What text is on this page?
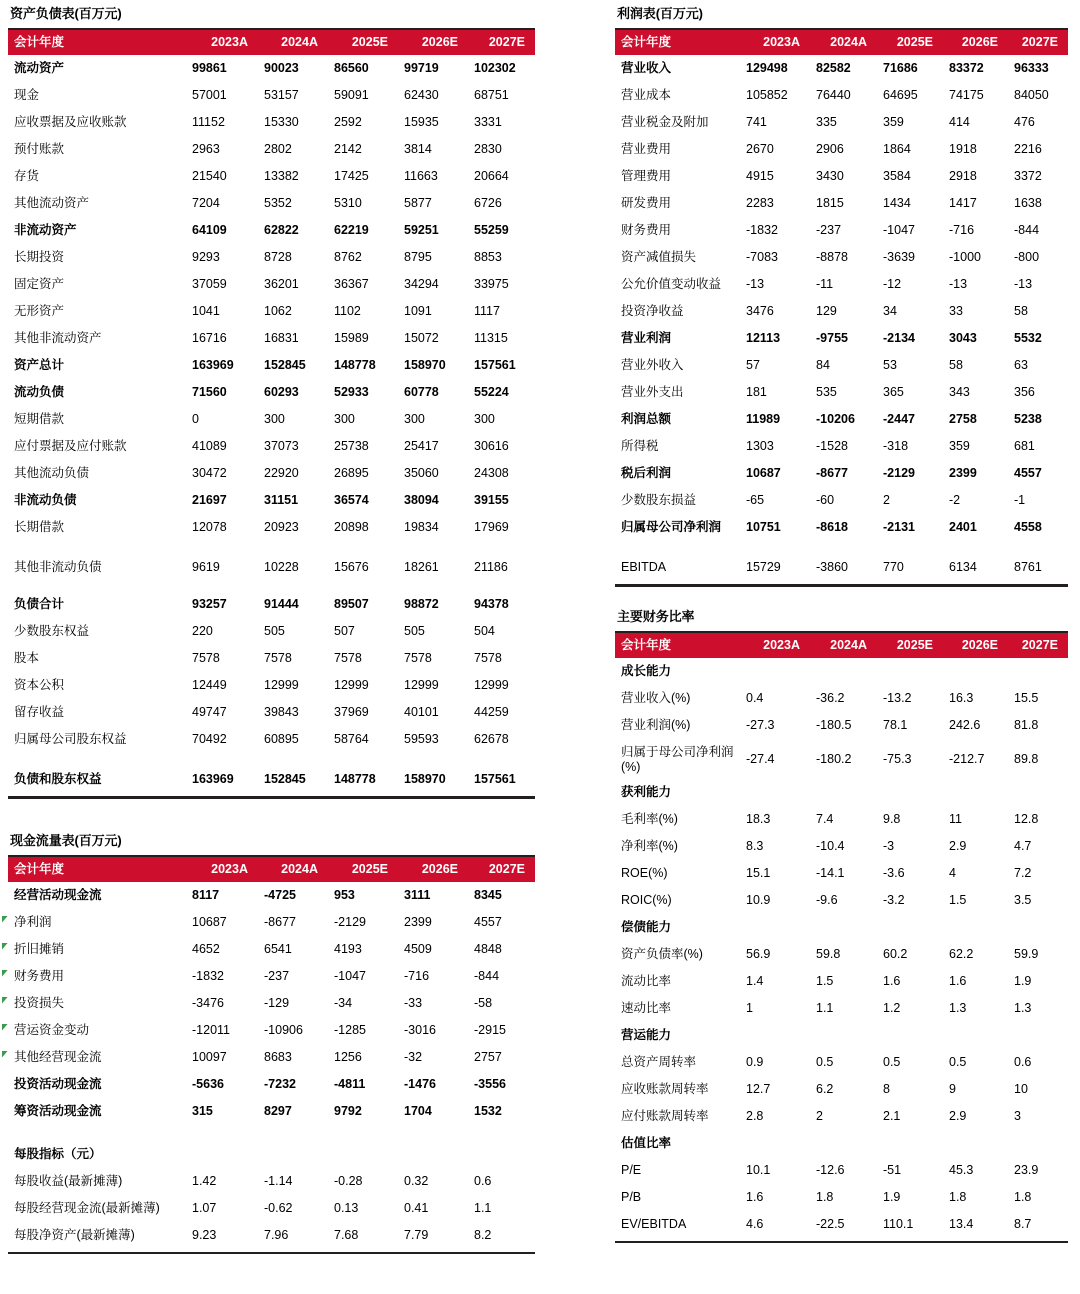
资产负债表(百万元)
会计年度	2023A	2024A	2025E	2026E	2027E
流动资产	99861	90023	86560	99719	102302
现金	57001	53157	59091	62430	68751
应收票据及应收账款	11152	15330	2592	15935	3331
预付账款	2963	2802	2142	3814	2830
存货	21540	13382	17425	11663	20664
其他流动资产	7204	5352	5310	5877	6726
非流动资产	64109	62822	62219	59251	55259
长期投资	9293	8728	8762	8795	8853
固定资产	37059	36201	36367	34294	33975
无形资产	1041	1062	1102	1091	1117
其他非流动资产	16716	16831	15989	15072	11315
资产总计	163969	152845	148778	158970	157561
流动负债	71560	60293	52933	60778	55224
短期借款	0	300	300	300	300
应付票据及应付账款	41089	37073	25738	25417	30616
其他流动负债	30472	22920	26895	35060	24308
非流动负债	21697	31151	36574	38094	39155
长期借款	12078	20923	20898	19834	17969
其他非流动负债	9619	10228	15676	18261	21186
负债合计	93257	91444	89507	98872	94378
少数股东权益	220	505	507	505	504
股本	7578	7578	7578	7578	7578
资本公积	12449	12999	12999	12999	12999
留存收益	49747	39843	37969	40101	44259
归属母公司股东权益	70492	60895	58764	59593	62678
负债和股东权益	163969	152845	148778	158970	157561
现金流量表(百万元)
会计年度	2023A	2024A	2025E	2026E	2027E
经营活动现金流	8117	-4725	953	3111	8345
净利润	10687	-8677	-2129	2399	4557
折旧摊销	4652	6541	4193	4509	4848
财务费用	-1832	-237	-1047	-716	-844
投资损失	-3476	-129	-34	-33	-58
营运资金变动	-12011	-10906	-1285	-3016	-2915
其他经营现金流	10097	8683	1256	-32	2757
投资活动现金流	-5636	-7232	-4811	-1476	-3556
筹资活动现金流	315	8297	9792	1704	1532

每股指标（元）					
每股收益(最新摊薄)	1.42	-1.14	-0.28	0.32	0.6
每股经营现金流(最新摊薄)	1.07	-0.62	0.13	0.41	1.1
每股净资产(最新摊薄)	9.23	7.96	7.68	7.79	8.2
利润表(百万元)
会计年度	2023A	2024A	2025E	2026E	2027E
营业收入	129498	82582	71686	83372	96333
营业成本	105852	76440	64695	74175	84050
营业税金及附加	741	335	359	414	476
营业费用	2670	2906	1864	1918	2216
管理费用	4915	3430	3584	2918	3372
研发费用	2283	1815	1434	1417	1638
财务费用	-1832	-237	-1047	-716	-844
资产减值损失	-7083	-8878	-3639	-1000	-800
公允价值变动收益	-13	-11	-12	-13	-13
投资净收益	3476	129	34	33	58
营业利润	12113	-9755	-2134	3043	5532
营业外收入	57	84	53	58	63
营业外支出	181	535	365	343	356
利润总额	11989	-10206	-2447	2758	5238
所得税	1303	-1528	-318	359	681
税后利润	10687	-8677	-2129	2399	4557
少数股东损益	-65	-60	2	-2	-1
归属母公司净利润	10751	-8618	-2131	2401	4558
EBITDA	15729	-3860	770	6134	8761
主要财务比率
会计年度	2023A	2024A	2025E	2026E	2027E
成长能力					
营业收入(%)	0.4	-36.2	-13.2	16.3	15.5
营业利润(%)	-27.3	-180.5	78.1	242.6	81.8

归属于母公司净利润(%)	-27.4	-180.2	-75.3	-212.7	89.8
获利能力					
毛利率(%)	18.3	7.4	9.8	11	12.8
净利率(%)	8.3	-10.4	-3	2.9	4.7
ROE(%)	15.1	-14.1	-3.6	4	7.2
ROIC(%)	10.9	-9.6	-3.2	1.5	3.5
偿债能力					
资产负债率(%)	56.9	59.8	60.2	62.2	59.9
流动比率	1.4	1.5	1.6	1.6	1.9
速动比率	1	1.1	1.2	1.3	1.3
营运能力					
总资产周转率	0.9	0.5	0.5	0.5	0.6
应收账款周转率	12.7	6.2	8	9	10
应付账款周转率	2.8	2	2.1	2.9	3
估值比率					
P/E	10.1	-12.6	-51	45.3	23.9
P/B	1.6	1.8	1.9	1.8	1.8
EV/EBITDA	4.6	-22.5	110.1	13.4	8.7
